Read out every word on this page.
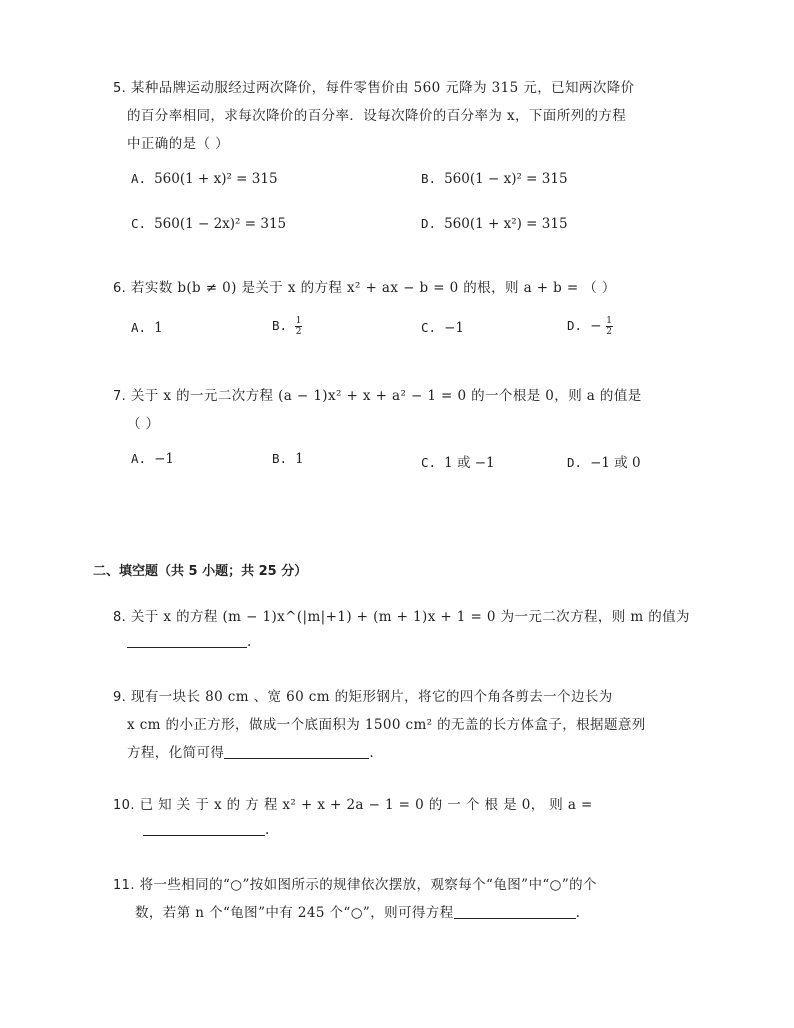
5. 某种品牌运动服经过两次降价，每件零售价由 560 元降为 315 元，已知两次降价
的百分率相同，求每次降价的百分率．设每次降价的百分率为 x，下面所列的方程
中正确的是（ ）
A. 560(1 + x)² = 315	B. 560(1 − x)² = 315
C. 560(1 − 2x)² = 315	D. 560(1 + x²) = 315
6. 若实数 b(b ≠ 0) 是关于 x 的方程 x² + ax − b = 0 的根，则 a + b = （ ）
A. 1	B. $\frac{1}{2}$	C. −1	D. − $\frac{1}{2}$
7. 关于 x 的一元二次方程 (a − 1)x² + x + a² − 1 = 0 的一个根是 0，则 a 的值是
（ ）
A. −1	B. 1	C. 1 或 −1	D. −1 或 0
二、填空题（共 5 小题；共 25 分）
8. 关于 x 的方程 (m − 1)x^(|m|+1) + (m + 1)x + 1 = 0 为一元二次方程，则 m 的值为
.
9. 现有一块长 80 cm 、宽 60 cm 的矩形钢片，将它的四个角各剪去一个边长为
x cm 的小正方形，做成一个底面积为 1500 cm² 的无盖的长方体盒子，根据题意列
方程，化简可得	.
10. 已 知 关 于 x 的 方 程 x² + x + 2a − 1 = 0 的 一 个 根 是 0， 则 a =
.
11. 将一些相同的“○”按如图所示的规律依次摆放，观察每个“龟图”中“○”的个
数，若第 n 个“龟图”中有 245 个“○”，则可得方程	.
